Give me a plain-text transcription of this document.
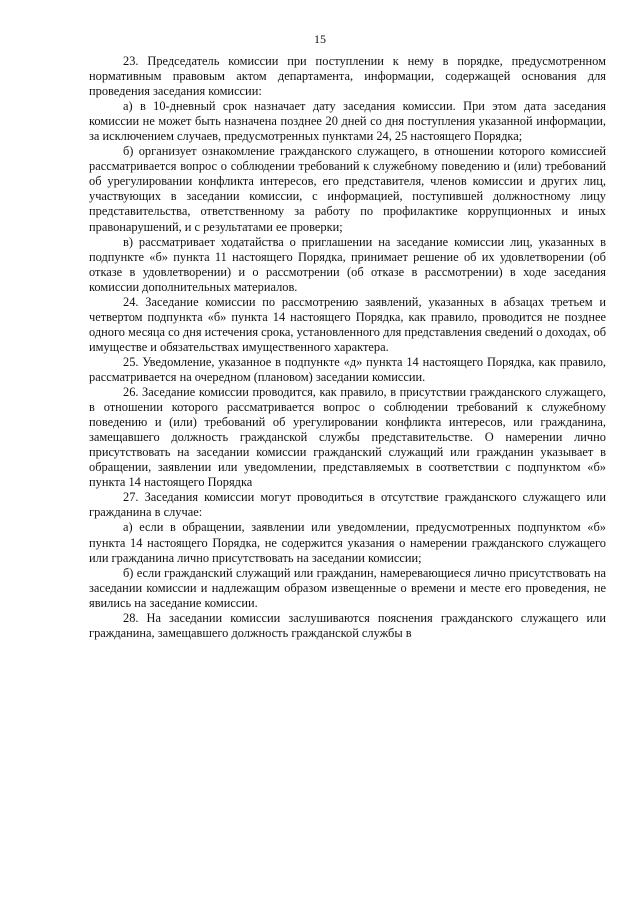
15

23. Председатель комиссии при поступлении к нему в порядке, предусмотренном нормативным правовым актом департамента, информации, содержащей основания для проведения заседания комиссии:

а) в 10-дневный срок назначает дату заседания комиссии. При этом дата заседания комиссии не может быть назначена позднее 20 дней со дня поступления указанной информации, за исключением случаев, предусмотренных пунктами 24, 25 настоящего Порядка;

б) организует ознакомление гражданского служащего, в отношении которого комиссией рассматривается вопрос о соблюдении требований к служебному поведению и (или) требований об урегулировании конфликта интересов, его представителя, членов комиссии и других лиц, участвующих в заседании комиссии, с информацией, поступившей должностному лицу представительства, ответственному за работу по профилактике коррупционных и иных правонарушений, и с результатами ее проверки;

в) рассматривает ходатайства о приглашении на заседание комиссии лиц, указанных в подпункте «б» пункта 11 настоящего Порядка, принимает решение об их удовлетворении (об отказе в удовлетворении) и о рассмотрении (об отказе в рассмотрении) в ходе заседания комиссии дополнительных материалов.

24. Заседание комиссии по рассмотрению заявлений, указанных в абзацах третьем и четвертом подпункта «б» пункта 14 настоящего Порядка, как правило, проводится не позднее одного месяца со дня истечения срока, установленного для представления сведений о доходах, об имуществе и обязательствах имущественного характера.

25. Уведомление, указанное в подпункте «д» пункта 14 настоящего Порядка, как правило, рассматривается на очередном (плановом) заседании комиссии.

26. Заседание комиссии проводится, как правило, в присутствии гражданского служащего, в отношении которого рассматривается вопрос о соблюдении требований к служебному поведению и (или) требований об урегулировании конфликта интересов, или гражданина, замещавшего должность гражданской службы представительстве. О намерении лично присутствовать на заседании комиссии гражданский служащий или гражданин указывает в обращении, заявлении или уведомлении, представляемых в соответствии с подпунктом «б» пункта 14 настоящего Порядка

27. Заседания комиссии могут проводиться в отсутствие гражданского служащего или гражданина в случае:

а) если в обращении, заявлении или уведомлении, предусмотренных подпунктом «б» пункта 14 настоящего Порядка, не содержится указания о намерении гражданского служащего или гражданина лично присутствовать на заседании комиссии;

б) если гражданский служащий или гражданин, намеревающиеся лично присутствовать на заседании комиссии и надлежащим образом извещенные о времени и месте его проведения, не явились на заседание комиссии.

28. На заседании комиссии заслушиваются пояснения гражданского служащего или гражданина, замещавшего должность гражданской службы в
